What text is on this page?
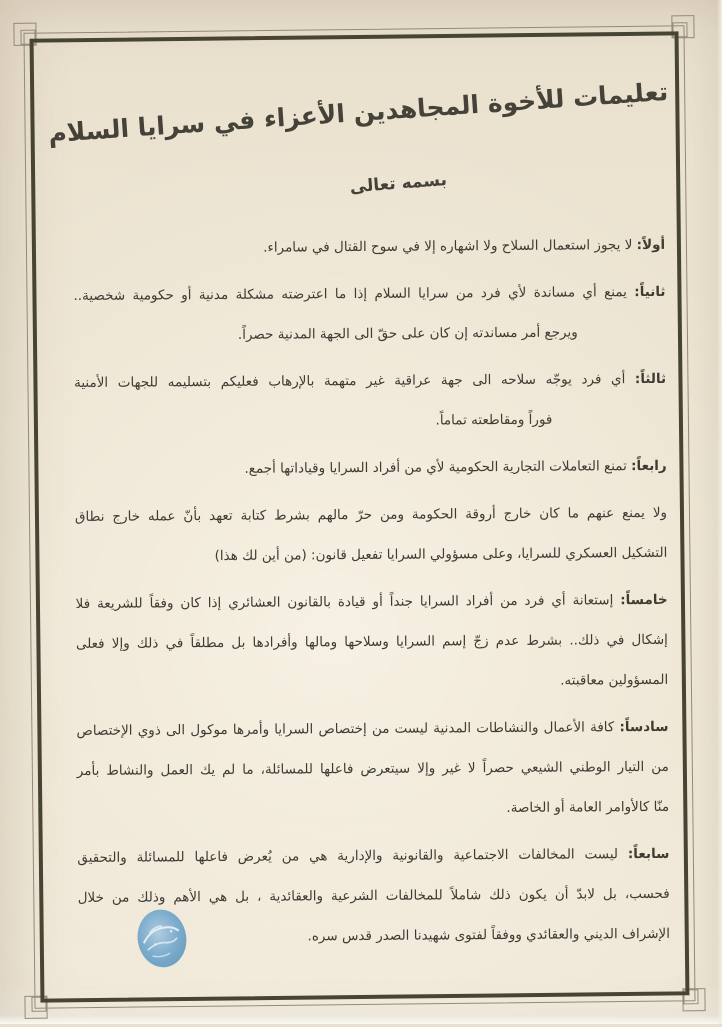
تعليمات للأخوة المجاهدين الأعزاء في سرايا السلام
بسمه تعالى
أولاً: لا يجوز استعمال السلاح ولا اشهاره إلا في سوح القتال في سامراء.
ثانياً: يمنع أي مساندة لأي فرد من سرايا السلام إذا ما اعترضته مشكلة مدنية أو حكومية شخصية..
ويرجع أمر مساندته إن كان على حقّ الى الجهة المدنية حصراً.
ثالثاً: أي فرد يوجّه سلاحه الى جهة عراقية غير متهمة بالإرهاب فعليكم بتسليمه للجهات الأمنية
فوراً ومقاطعته تماماً.
رابعاً: تمنع التعاملات التجارية الحكومية لأي من أفراد السرايا وقياداتها أجمع.
ولا يمنع عنهم ما كان خارج أروقة الحكومة ومن حرّ مالهم بشرط كتابة تعهد بأنّ عمله خارج نطاق
التشكيل العسكري للسرايا، وعلى مسؤولي السرايا تفعيل قانون: (من أين لك هذا)
خامساً: إستعانة أي فرد من أفراد السرايا جنداً أو قيادة بالقانون العشائري إذا كان وفقاً للشريعة فلا
إشكال في ذلك.. بشرط عدم زجّ إسم السرايا وسلاحها ومالها وأفرادها بل مطلقاً في ذلك وإلا فعلى
المسؤولين معاقبته.
سادساً: كافة الأعمال والنشاطات المدنية ليست من إختصاص السرايا وأمرها موكول الى ذوي الإختصاص
من التيار الوطني الشيعي حصراً لا غير وإلا سيتعرض فاعلها للمسائلة، ما لم يك العمل والنشاط بأمر
منّا كالأوامر العامة أو الخاصة.
سابعاً: ليست المخالفات الاجتماعية والقانونية والإدارية هي من يُعرض فاعلها للمسائلة والتحقيق
فحسب، بل لابدّ أن يكون ذلك شاملاً للمخالفات الشرعية والعقائدية ، بل هي الأهم وذلك من خلال
الإشراف الديني والعقائدي ووفقاً لفتوى شهيدنا الصدر قدس سره.
